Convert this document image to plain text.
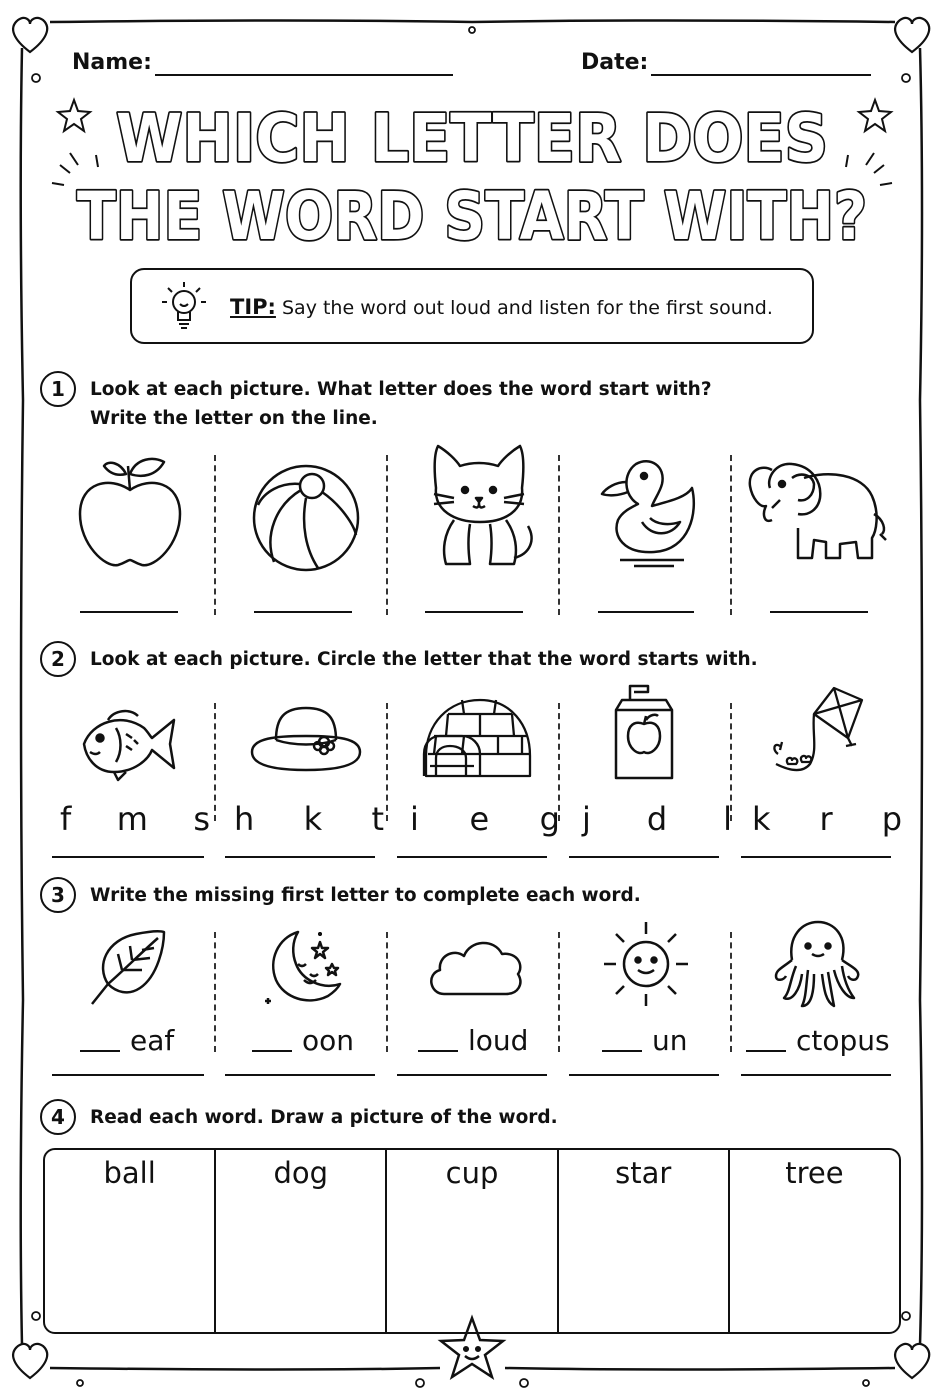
Name:	Date:
WHICH LETTER DOES
THE WORD START WITH?
TIP: Say the word out loud and listen for the first sound.
1	Look at each picture. What letter does the word start with?
Write the letter on the line.
2	Look at each picture. Circle the letter that the word starts with.
f m s h k t i e g j d l k r p
3	Write the missing first letter to complete each word.
eaf	oon	loud	un	ctopus
4	Read each word. Draw a picture of the word.
ball	dog	cup	star	tree
